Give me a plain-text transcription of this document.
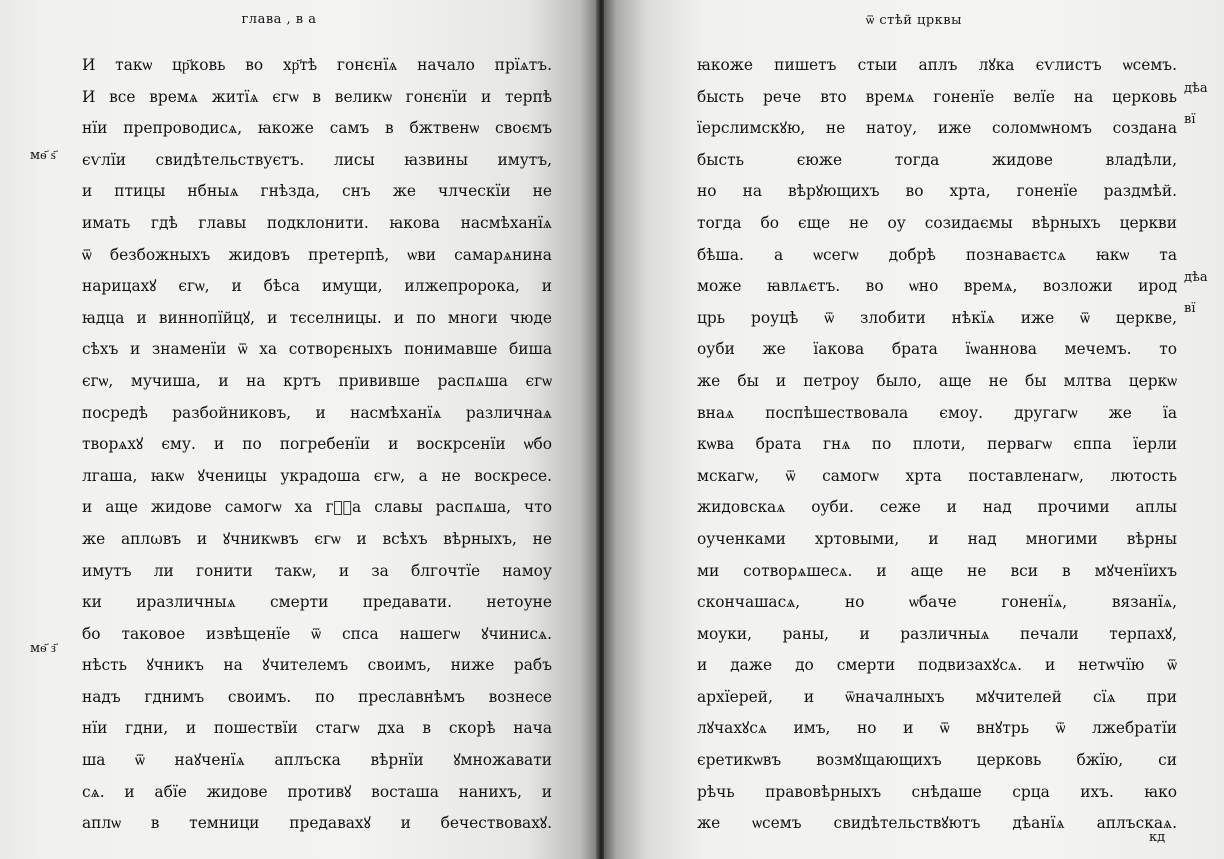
глава , в а
И такѡ цр҃ковь во хр҃тѣ гонєнїѧ начало прїѧтъ.
И все времѧ житїѧ єгѡ в великѡ гонєнїи и терпѣ
нїи препроводисѧ, ꙗкоже самъ в бжтвенѡ своємъ
єѵлїи свидѣтельствуєтъ. лисы ꙗзвины имутъ,
и птицы нбныѧ гнѣзда, снъ же члческїи не
имать гдѣ главы подклонити. ꙗкова насмѣханїѧ
ѿ безбожныхъ жидовъ претерпѣ, ѡви самарѧнина
нарицахꙋ єгѡ, и бѣса имущи, илжепророка, и
ꙗдца и виннопїйцꙋ, и тєселницы. и по многи чюде
сѣхъ и знаменїи ѿ ха сотворєныхъ понимавше биша
єгѡ, мучиша, и на кртъ привившe распѧша єгѡ
посредѣ разбойниковъ, и насмѣханїѧ различнаѧ
творѧхꙋ єму. и по погребенїи и воскрсенїи ѡбо
лгаша, ꙗкѡ ꙋченицы украдоша єгѡ, а не воскресе.
и аще жидове самогѡ ха гⷭ҇а славы распѧша, что
же аплωвъ и ꙋчникѡвъ єгѡ и всѣхъ вѣрныхъ, не
имутъ ли гонити такѡ, и за блгочтїе намоу
ки иразличныѧ смерти предавати. нетоуне
бо таковое извѣщенїе ѿ спса нашегѡ ꙋчинисѧ.
нѣсть ꙋчникъ на ꙋчителемъ своимъ, ниже рабъ
надъ гднимъ своимъ. по преславнѣмъ вознесе
нїи гдни, и пошествїи стагѡ дха в скорѣ нача
ша ѿ наꙋченїѧ аплъска вѣрнїи ꙋмножавати
сѧ. и абїе жидове противꙋ восташа нанихъ, и
аплѡ в темници предавахꙋ и бечествовахꙋ.
мѳ҃ ѕ҃
мѳ҃ з҃
ѿ стѣй црквы
ꙗкоже пишетъ стыи аплъ лꙋка єѵлистъ ѡсемъ.
бысть рече вто времѧ гоненїе велїе на церковь
їерслимскꙋю, не натоу, иже соломѡномъ создана
бысть єюже тогда жидове владѣли,
но на вѣрꙋющихъ во хрта, гоненїе раздмѣй.
тогда бо єще не оу созидаємы вѣрныхъ церкви
бѣша. а ѡсегѡ добрѣ познаваєтсѧ ꙗкѡ та
може ꙗвлѧєтъ. во ѡно времѧ, возложи ирод
црь роуцѣ ѿ злобити нѣкїѧ иже ѿ церкве,
оуби же їакова брата їѡаннова мечемъ. то
же бы и петроу было, аще не бы млтва церкѡ
внаѧ поспѣшествовала ємоу. другагѡ же їа
кѡва брата гнѧ по плоти, первагѡ єппа їерли
мскагѡ, ѿ самогѡ хрта поставленагѡ, лютость
жидовскаѧ оуби. сеже и над прочими аплы
оученками хртовыми, и над многими вѣрны
ми сотворѧшесѧ. и аще не вси в мꙋченїихъ
скончашасѧ, но ѡбаче гоненїѧ, вязанїѧ,
моуки, раны, и различныѧ печали терпахꙋ,
и даже до смерти подвизахꙋсѧ. и нетѡчїю ѿ
архїерей, и ѿначалныхъ мꙋчителей сїѧ при
лꙋчахꙋсѧ имъ, но и ѿ внꙋтрь ѿ лжебратїи
єретикѡвъ возмꙋщающихъ церковь бжїю, си
рѣчь правовѣрныхъ снѣдаше срца ихъ. ꙗко
же ѡсемъ свидѣтельствꙋютъ дѣанїѧ аплъскаѧ.
дѣа
вї
дѣа
вї
кд
